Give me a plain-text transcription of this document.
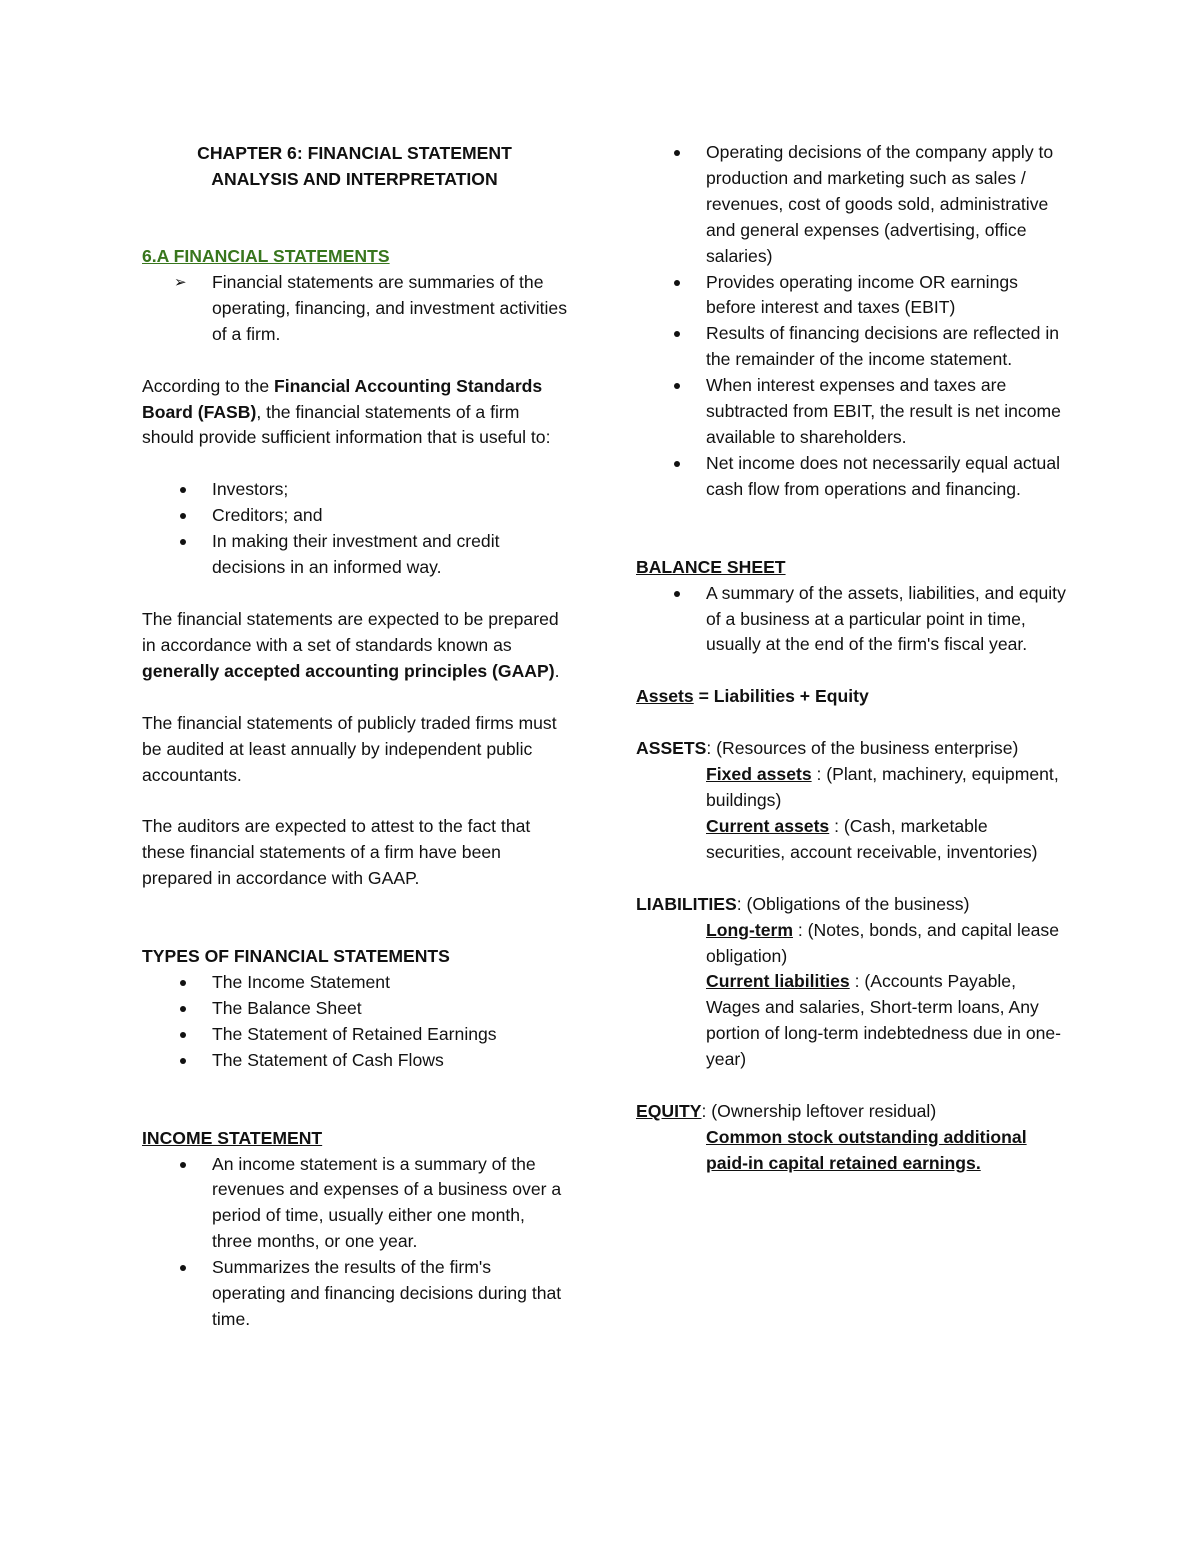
CHAPTER 6: FINANCIAL STATEMENT
ANALYSIS AND INTERPRETATION

6.A FINANCIAL STATEMENTS

➢ Financial statements are summaries of the operating, financing, and investment activities of a firm.

According to the Financial Accounting Standards Board (FASB), the financial statements of a firm should provide sufficient information that is useful to:

Investors;
Creditors; and
In making their investment and credit decisions in an informed way.

The financial statements are expected to be prepared in accordance with a set of standards known as generally accepted accounting principles (GAAP).

The financial statements of publicly traded firms must be audited at least annually by independent public accountants.

The auditors are expected to attest to the fact that these financial statements of a firm have been prepared in accordance with GAAP.

TYPES OF FINANCIAL STATEMENTS

The Income Statement
The Balance Sheet
The Statement of Retained Earnings
The Statement of Cash Flows

INCOME STATEMENT

An income statement is a summary of the revenues and expenses of a business over a period of time, usually either one month, three months, or one year.
Summarizes the results of the firm's operating and financing decisions during that time.
Operating decisions of the company apply to production and marketing such as sales / revenues, cost of goods sold, administrative and general expenses (advertising, office salaries)
Provides operating income OR earnings before interest and taxes (EBIT)
Results of financing decisions are reflected in the remainder of the income statement.
When interest expenses and taxes are subtracted from EBIT, the result is net income available to shareholders.
Net income does not necessarily equal actual cash flow from operations and financing.

BALANCE SHEET

A summary of the assets, liabilities, and equity of a business at a particular point in time, usually at the end of the firm's fiscal year.

Assets = Liabilities + Equity

ASSETS: (Resources of the business enterprise)

Fixed assets : (Plant, machinery, equipment, buildings)

Current assets : (Cash, marketable securities, account receivable, inventories)

LIABILITIES: (Obligations of the business)

Long-term : (Notes, bonds, and capital lease obligation)

Current liabilities : (Accounts Payable, Wages and salaries, Short-term loans, Any portion of long-term indebtedness due in one-year)

EQUITY: (Ownership leftover residual)

Common stock outstanding additional paid-in capital retained earnings.
